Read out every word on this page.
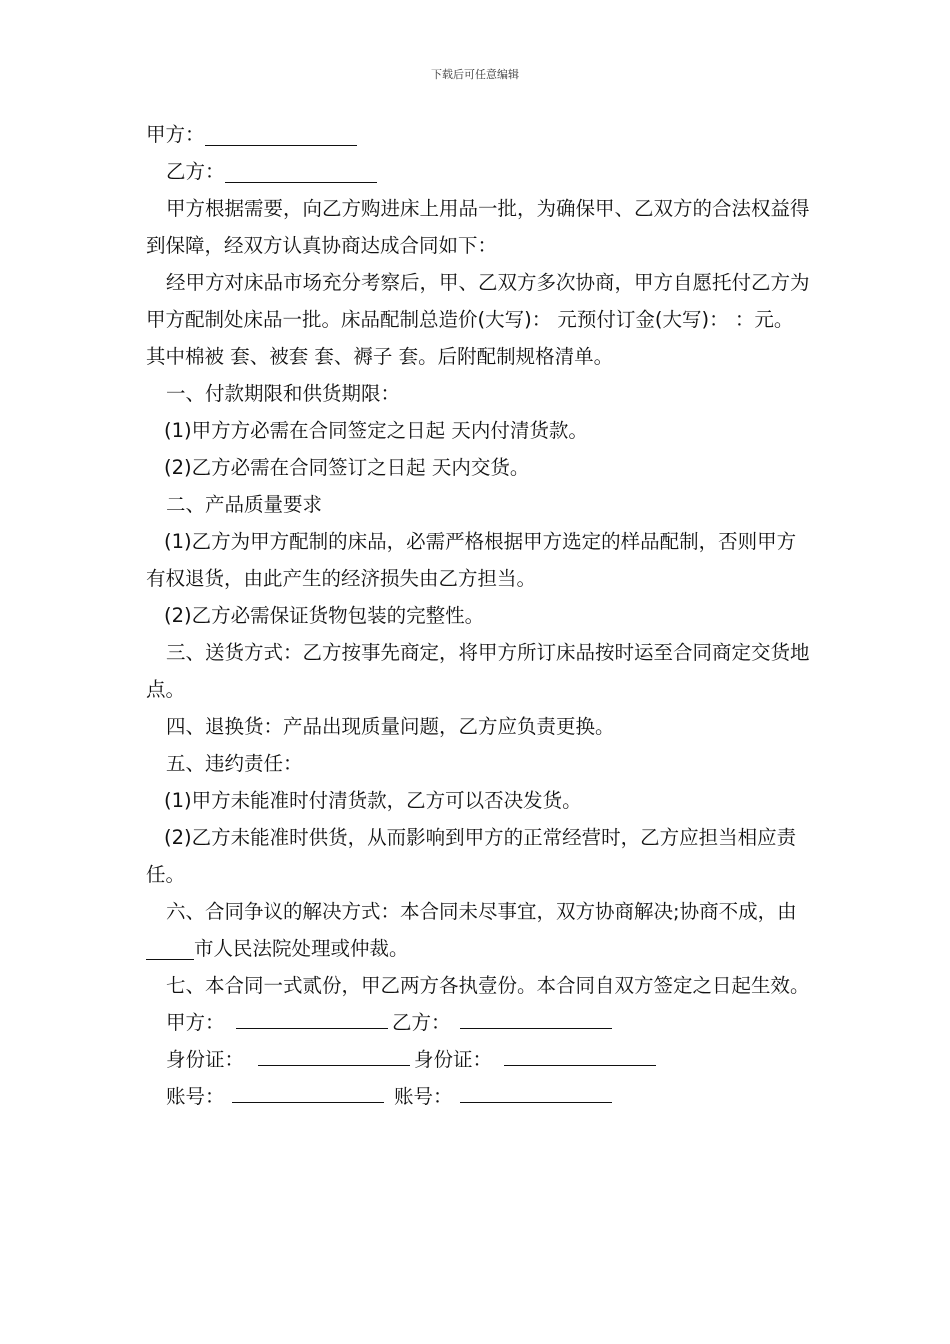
下载后可任意编辑

甲方：

乙方：

甲方根据需要，向乙方购进床上用品一批，为确保甲、乙双方的合法权益得到保障，经双方认真协商达成合同如下：

经甲方对床品市场充分考察后，甲、乙双方多次协商，甲方自愿托付乙方为甲方配制处床品一批。床品配制总造价(大写)： 元预付订金(大写)： ：元。其中棉被 套、被套 套、褥子 套。后附配制规格清单。

一、付款期限和供货期限：

(1)甲方方必需在合同签定之日起 天内付清货款。

(2)乙方必需在合同签订之日起 天内交货。

二、产品质量要求

(1)乙方为甲方配制的床品，必需严格根据甲方选定的样品配制，否则甲方有权退货，由此产生的经济损失由乙方担当。

(2)乙方必需保证货物包装的完整性。

三、送货方式：乙方按事先商定，将甲方所订床品按时运至合同商定交货地点。

四、退换货：产品出现质量问题，乙方应负责更换。

五、违约责任：

(1)甲方未能准时付清货款，乙方可以否决发货。

(2)乙方未能准时供货，从而影响到甲方的正常经营时，乙方应担当相应责任。

六、合同争议的解决方式：本合同未尽事宜，双方协商解决;协商不成，由市人民法院处理或仲裁。

七、本合同一式贰份，甲乙两方各执壹份。本合同自双方签定之日起生效。

甲方：	乙方：
身份证：	身份证：
账号：	账号：
